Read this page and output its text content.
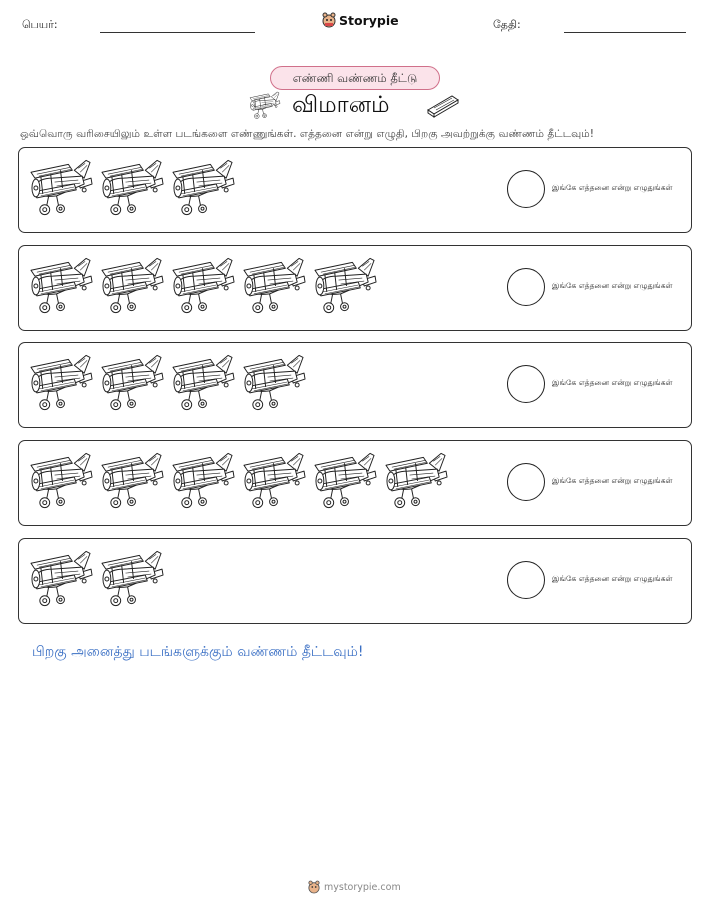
பெயர்:	Storypie	தேதி:
எண்ணி வண்ணம் தீட்டு
விமானம்
ஒவ்வொரு வரிசையிலும் உள்ள படங்களை எண்ணுங்கள். எத்தனை என்று எழுதி, பிறகு அவற்றுக்கு வண்ணம் தீட்டவும்!
இங்கே எத்தனை என்று எழுதுங்கள்
இங்கே எத்தனை என்று எழுதுங்கள்
இங்கே எத்தனை என்று எழுதுங்கள்
இங்கே எத்தனை என்று எழுதுங்கள்
இங்கே எத்தனை என்று எழுதுங்கள்
பிறகு அனைத்து படங்களுக்கும் வண்ணம் தீட்டவும்!
mystorypie.com
